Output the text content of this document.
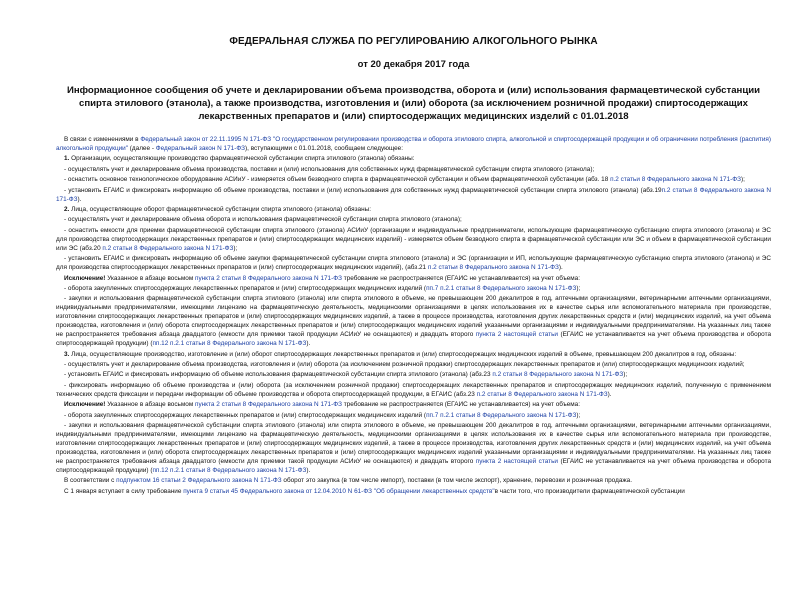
ФЕДЕРАЛЬНАЯ СЛУЖБА ПО РЕГУЛИРОВАНИЮ АЛКОГОЛЬНОГО РЫНКА
от 20 декабря 2017 года
Информационное сообщения об учете и декларировании объема производства, оборота и (или) использования фармацевтической субстанции спирта этилового (этанола), а также производства, изготовления и (или) оборота (за исключением розничной продажи) спиртосодержащих лекарственных препаратов и (или) спиртосодержащих медицинских изделий с 01.01.2018

В связи с изменениями в Федеральный закон от 22.11.1995 N 171-ФЗ "О государственном регулировании производства и оборота этилового спирта, алкогольной и спиртосодержащей продукции и об ограничении потребления (распития) алкогольной продукции" (далее - Федеральный закон N 171-ФЗ), вступающими с 01.01.2018, сообщаем следующее:

1. Организации, осуществляющие производство фармацевтической субстанции спирта этилового (этанола) обязаны:

- осуществлять учет и декларирование объема производства, поставки и (или) использования для собственных нужд фармацевтической субстанции спирта этилового (этанола);

- оснастить основное технологическое оборудование АСИиУ - измеряется объем безводного спирта в фармацевтической субстанции и объем фармацевтической субстанции (абз. 18 п.2 статьи 8 Федерального закона N 171-ФЗ);

- установить ЕГАИС и фиксировать информацию об объеме производства, поставки и (или) использования для собственных нужд фармацевтической субстанции спирта этилового (этанола) (абз.19п.2 статьи 8 Федерального закона N 171-ФЗ).

2. Лица, осуществляющие оборот фармацевтической субстанции спирта этилового (этанола) обязаны:

- осуществлять учет и декларирование объема оборота и использования фармацевтической субстанции спирта этилового (этанола);

- оснастить емкости для приемки фармацевтической субстанции спирта этилового (этанола) АСИиУ (организации и индивидуальные предприниматели, использующие фармацевтическую субстанцию спирта этилового (этанола) и ЭС для производства спиртосодержащих лекарственных препаратов и (или) спиртосодержащих медицинских изделий) - измеряется объем безводного спирта в фармацевтической субстанции или ЭС и объем в фармацевтической субстанции или ЭС (абз.20 п.2 статьи 8 Федерального закона N 171-ФЗ);

- установить ЕГАИС и фиксировать информацию об объеме закупки фармацевтической субстанции спирта этилового (этанола) и ЭС (организации и ИП, использующие фармацевтическую субстанцию спирта этилового (этанола) и ЭС для производства спиртосодержащих лекарственных препаратов и (или) спиртосодержащих медицинских изделий), (абз.21 п.2 статьи 8 Федерального закона N 171-ФЗ).

Исключение! Указанное в абзаце восьмом пункта 2 статьи 8 Федерального закона N 171-ФЗ требование не распространяется (ЕГАИС не устанавливается) на учет объема:

- оборота закупленных спиртосодержащих лекарственных препаратов и (или) спиртосодержащих медицинских изделий (пп.7 п.2.1 статьи 8 Федерального закона N 171-ФЗ);

- закупки и использования фармацевтической субстанции спирта этилового (этанола) или спирта этилового в объеме, не превышающем 200 декалитров в год, аптечными организациями, ветеринарными аптечными организациями, индивидуальными предпринимателями, имеющими лицензию на фармацевтическую деятельность, медицинскими организациями в целях использования их в качестве сырья или вспомогательного материала при производстве, изготовлении спиртосодержащих лекарственных препаратов и (или) спиртосодержащих медицинских изделий, а также в процессе производства, изготовления других лекарственных средств и (или) медицинских изделий, на учет объема производства, изготовления и (или) оборота спиртосодержащих лекарственных препаратов и (или) спиртосодержащих медицинских изделий указанными организациями и индивидуальными предпринимателями. На указанных лиц также не распространяется требования абзаца двадцатого (емкости для приемки такой продукции АСИиУ не оснащаются) и двадцать второго пункта 2 настоящей статьи (ЕГАИС не устанавливается на учет объема производства и оборота спиртосодержащей продукции) (пп.12 п.2.1 статьи 8 Федерального закона N 171-ФЗ).

3. Лица, осуществляющие производство, изготовление и (или) оборот спиртосодержащих лекарственных препаратов и (или) спиртосодержащих медицинских изделий в объеме, превышающем 200 декалитров в год, обязаны:

- осуществлять учет и декларирование объема производства, изготовления и (или) оборота (за исключением розничной продажи) спиртосодержащих лекарственных препаратов и (или) спиртосодержащих медицинских изделий;

- установить ЕГАИС и фиксировать информацию об объеме использования фармацевтической субстанции спирта этилового (этанола) (абз.23 п.2 статьи 8 Федерального закона N 171-ФЗ);

- фиксировать информацию об объеме производства и (или) оборота (за исключением розничной продажи) спиртосодержащих лекарственных препаратов и спиртосодержащих медицинских изделий, полученную с применением технических средств фиксации и передачи информации об объеме производства и оборота спиртосодержащей продукции, в ЕГАИС (абз.23 п.2 статьи 8 Федерального закона N 171-ФЗ).

Исключение! Указанное в абзаце восьмом пункта 2 статьи 8 Федерального закона N 171-ФЗ требование не распространяется (ЕГАИС не устанавливается) на учет объема:

- оборота закупленных спиртосодержащих лекарственных препаратов и (или) спиртосодержащих медицинских изделий (пп.7 п.2.1 статьи 8 Федерального закона N 171-ФЗ);

- закупки и использования фармацевтической субстанции спирта этилового (этанола) или спирта этилового в объеме, не превышающем 200 декалитров в год, аптечными организациями, ветеринарными аптечными организациями, индивидуальными предпринимателями, имеющими лицензию на фармацевтическую деятельность, медицинскими организациями в целях использования их в качестве сырья или вспомогательного материала при производстве, изготовлении спиртосодержащих лекарственных препаратов и (или) спиртосодержащих медицинских изделий, а также в процессе производства, изготовления других лекарственных средств и (или) медицинских изделий, на учет объема производства, изготовления и (или) оборота спиртосодержащих лекарственных препаратов и (или) спиртосодержащих медицинских изделий указанными организациями и индивидуальными предпринимателями. На указанных лиц также не распространяется требования абзаца двадцатого (емкости для приемки такой продукции АСИиУ не оснащаются) и двадцать второго пункта 2 настоящей статьи (ЕГАИС не устанавливается на учет объема производства и оборота спиртосодержащей продукции) (пп.12 п.2.1 статьи 8 Федерального закона N 171-ФЗ).

В соответствии с подпунктом 16 статьи 2 Федерального закона N 171-ФЗ оборот это закупка (в том числе импорт), поставки (в том числе экспорт), хранение, перевозки и розничная продажа.

С 1 января вступает в силу требование пункта 9 статьи 45 Федерального закона от 12.04.2010 N 61-ФЗ "Об обращении лекарственных средств"в части того, что производители фармацевтической субстанции
